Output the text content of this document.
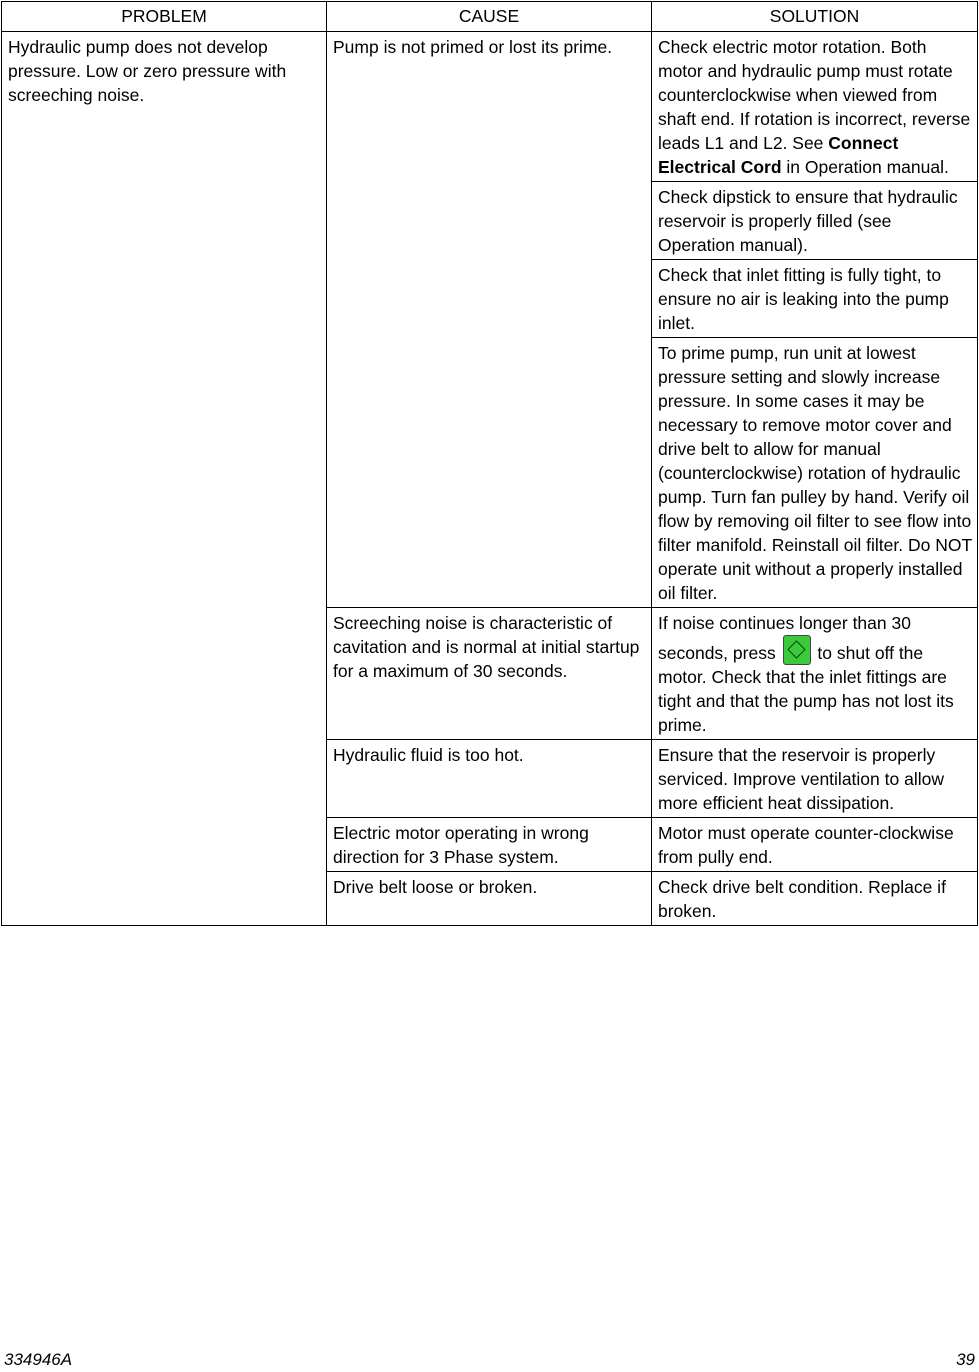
PROBLEM	CAUSE	SOLUTION
Hydraulic pump does not develop pressure. Low or zero pressure with screeching noise.	Pump is not primed or lost its prime.	Check electric motor rotation. Both motor and hydraulic pump must rotate counterclockwise when viewed from shaft end. If rotation is incorrect, reverse leads L1 and L2. See Connect Electrical Cord in Operation manual.
		Check dipstick to ensure that hydraulic reservoir is properly filled (see Operation manual).
		Check that inlet fitting is fully tight, to ensure no air is leaking into the pump inlet.
		To prime pump, run unit at lowest pressure setting and slowly increase pressure. In some cases it may be necessary to remove motor cover and drive belt to allow for manual (counterclockwise) rotation of hydraulic pump. Turn fan pulley by hand. Verify oil flow by removing oil filter to see flow into filter manifold. Reinstall oil filter. Do NOT operate unit without a properly installed oil filter.
	Screeching noise is characteristic of cavitation and is normal at initial startup for a maximum of 30 seconds.	If noise continues longer than 30 seconds, press  to shut off the motor. Check that the inlet fittings are tight and that the pump has not lost its prime.
	Hydraulic fluid is too hot.	Ensure that the reservoir is properly serviced. Improve ventilation to allow more efficient heat dissipation.
	Electric motor operating in wrong direction for 3 Phase system.	Motor must operate counter-clockwise from pully end.
	Drive belt loose or broken.	Check drive belt condition. Replace if broken.
334946A	39
